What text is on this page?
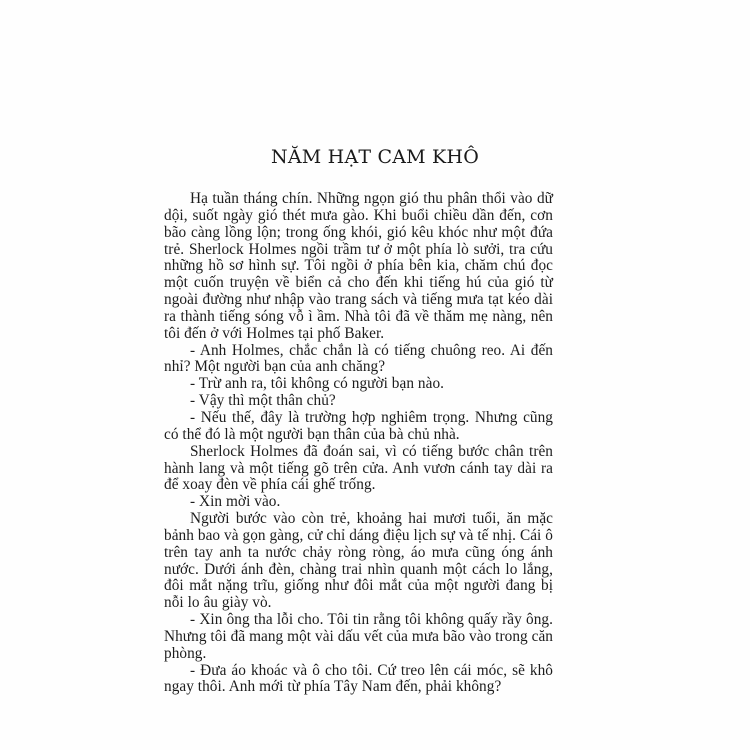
NĂM HẠT CAM KHÔ

Hạ tuần tháng chín. Những ngọn gió thu phân thổi vào dữ dội, suốt ngày gió thét mưa gào. Khi buổi chiều dần đến, cơn bão càng lồng lộn; trong ống khói, gió kêu khóc như một đứa trẻ. Sherlock Holmes ngồi trầm tư ở một phía lò sưởi, tra cứu những hồ sơ hình sự. Tôi ngồi ở phía bên kia, chăm chú đọc một cuốn truyện về biển cả cho đến khi tiếng hú của gió từ ngoài đường như nhập vào trang sách và tiếng mưa tạt kéo dài ra thành tiếng sóng vỗ ì ầm. Nhà tôi đã về thăm mẹ nàng, nên tôi đến ở với Holmes tại phố Baker.

- Anh Holmes, chắc chắn là có tiếng chuông reo. Ai đến nhỉ? Một người bạn của anh chăng?

- Trừ anh ra, tôi không có người bạn nào.

- Vậy thì một thân chủ?

- Nếu thế, đây là trường hợp nghiêm trọng. Nhưng cũng có thể đó là một người bạn thân của bà chủ nhà.

Sherlock Holmes đã đoán sai, vì có tiếng bước chân trên hành lang và một tiếng gõ trên cửa. Anh vươn cánh tay dài ra để xoay đèn về phía cái ghế trống.

- Xin mời vào.

Người bước vào còn trẻ, khoảng hai mươi tuổi, ăn mặc bảnh bao và gọn gàng, cử chỉ dáng điệu lịch sự và tế nhị. Cái ô trên tay anh ta nước chảy ròng ròng, áo mưa cũng óng ánh nước. Dưới ánh đèn, chàng trai nhìn quanh một cách lo lắng, đôi mắt nặng trĩu, giống như đôi mắt của một người đang bị nỗi lo âu giày vò.

- Xin ông tha lỗi cho. Tôi tin rằng tôi không quấy rầy ông. Nhưng tôi đã mang một vài dấu vết của mưa bão vào trong căn phòng.

- Đưa áo khoác và ô cho tôi. Cứ treo lên cái móc, sẽ khô ngay thôi. Anh mới từ phía Tây Nam đến, phải không?
